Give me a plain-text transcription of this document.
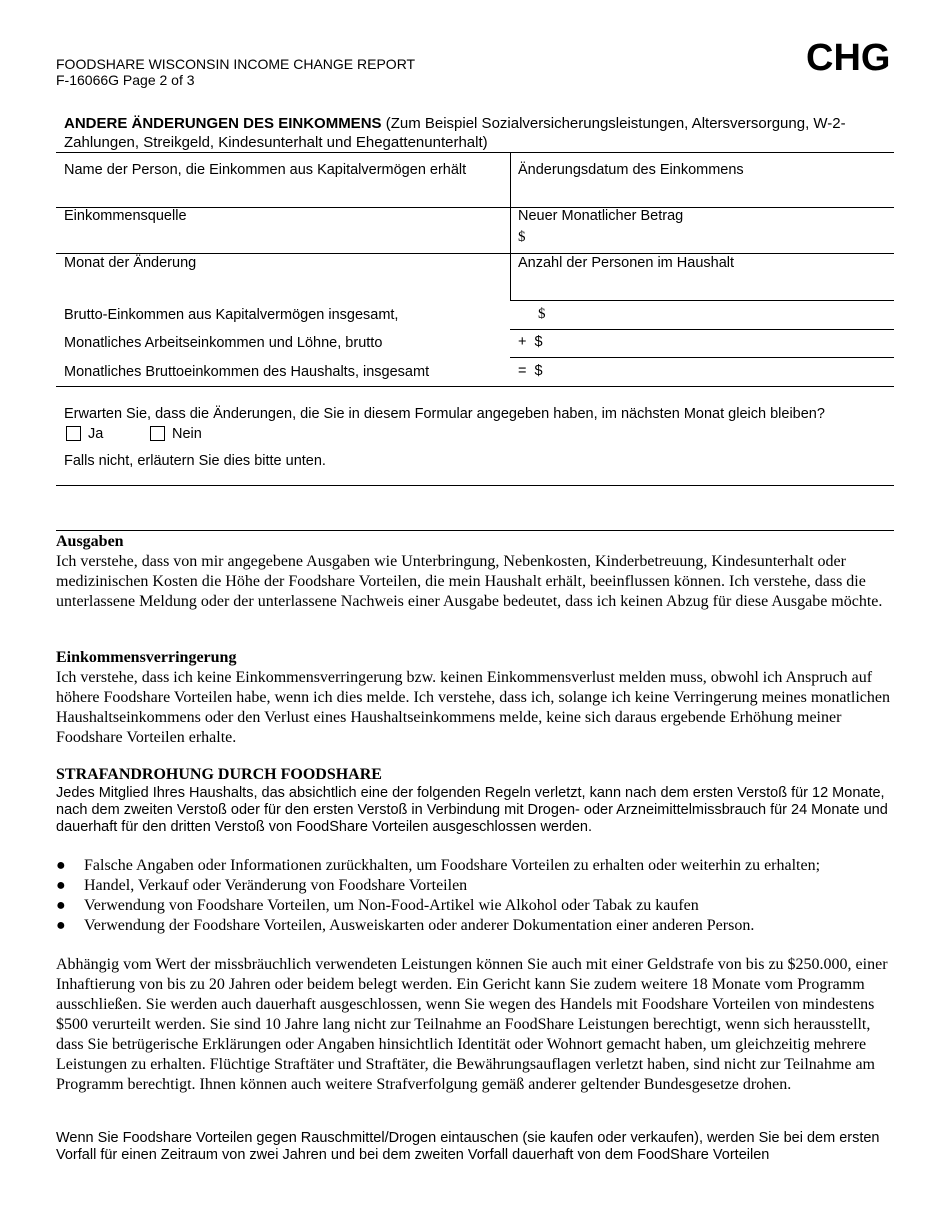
FOODSHARE WISCONSIN INCOME CHANGE REPORT
F-16066G Page 2 of 3
CHG
ANDERE ÄNDERUNGEN DES EINKOMMENS (Zum Beispiel Sozialversicherungsleistungen, Altersversorgung, W-2-Zahlungen, Streikgeld, Kindesunterhalt und Ehegattenunterhalt)
Name der Person, die Einkommen aus Kapitalvermögen erhält	Änderungsdatum des Einkommens
Einkommensquelle	Neuer Monatlicher Betrag
$
Monat der Änderung	Anzahl der Personen im Haushalt
Brutto-Einkommen aus Kapitalvermögen insgesamt,	$
Monatliches Arbeitseinkommen und Löhne, brutto	+  $
Monatliches Bruttoeinkommen des Haushalts, insgesamt	=  $
Erwarten Sie, dass die Änderungen, die Sie in diesem Formular angegeben haben, im nächsten Monat gleich bleiben?
Ja	Nein
Falls nicht, erläutern Sie dies bitte unten.
Ausgaben
Ich verstehe, dass von mir angegebene Ausgaben wie Unterbringung, Nebenkosten, Kinderbetreuung, Kindesunterhalt oder medizinischen Kosten die Höhe der Foodshare Vorteilen, die mein Haushalt erhält, beeinflussen können. Ich verstehe, dass die unterlassene Meldung oder der unterlassene Nachweis einer Ausgabe bedeutet, dass ich keinen Abzug für diese Ausgabe möchte.
Einkommensverringerung
Ich verstehe, dass ich keine Einkommensverringerung bzw. keinen Einkommensverlust melden muss, obwohl ich Anspruch auf höhere Foodshare Vorteilen habe, wenn ich dies melde. Ich verstehe, dass ich, solange ich keine Verringerung meines monatlichen Haushaltseinkommens oder den Verlust eines Haushaltseinkommens melde, keine sich daraus ergebende Erhöhung meiner Foodshare Vorteilen erhalte.
STRAFANDROHUNG DURCH FOODSHARE
Jedes Mitglied Ihres Haushalts, das absichtlich eine der folgenden Regeln verletzt, kann nach dem ersten Verstoß für 12 Monate, nach dem zweiten Verstoß oder für den ersten Verstoß in Verbindung mit Drogen- oder Arzneimittelmissbrauch für 24 Monate und dauerhaft für den dritten Verstoß von FoodShare Vorteilen ausgeschlossen werden.
● Falsche Angaben oder Informationen zurückhalten, um Foodshare Vorteilen zu erhalten oder weiterhin zu erhalten;
● Handel, Verkauf oder Veränderung von Foodshare Vorteilen
● Verwendung von Foodshare Vorteilen, um Non-Food-Artikel wie Alkohol oder Tabak zu kaufen
● Verwendung der Foodshare Vorteilen, Ausweiskarten oder anderer Dokumentation einer anderen Person.
Abhängig vom Wert der missbräuchlich verwendeten Leistungen können Sie auch mit einer Geldstrafe von bis zu $250.000, einer Inhaftierung von bis zu 20 Jahren oder beidem belegt werden. Ein Gericht kann Sie zudem weitere 18 Monate vom Programm ausschließen. Sie werden auch dauerhaft ausgeschlossen, wenn Sie wegen des Handels mit Foodshare Vorteilen von mindestens $500 verurteilt werden. Sie sind 10 Jahre lang nicht zur Teilnahme an FoodShare Leistungen berechtigt, wenn sich herausstellt, dass Sie betrügerische Erklärungen oder Angaben hinsichtlich Identität oder Wohnort gemacht haben, um gleichzeitig mehrere Leistungen zu erhalten. Flüchtige Straftäter und Straftäter, die Bewährungsauflagen verletzt haben, sind nicht zur Teilnahme am Programm berechtigt. Ihnen können auch weitere Strafverfolgung gemäß anderer geltender Bundesgesetze drohen.
Wenn Sie Foodshare Vorteilen gegen Rauschmittel/Drogen eintauschen (sie kaufen oder verkaufen), werden Sie bei dem ersten Vorfall für einen Zeitraum von zwei Jahren und bei dem zweiten Vorfall dauerhaft von dem FoodShare Vorteilen
